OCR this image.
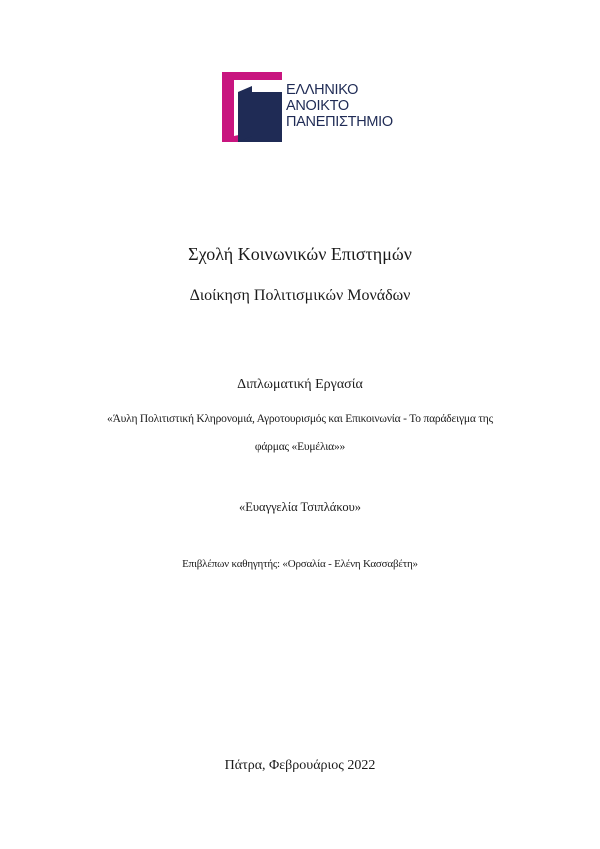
ΕΛΛΗΝΙΚΟ
ΑΝΟΙΚΤΟ
ΠΑΝΕΠΙΣΤΗΜΙΟ
Σχολή Κοινωνικών Επιστημών
Διοίκηση Πολιτισμικών Μονάδων
Διπλωματική Εργασία
«Άυλη Πολιτιστική Κληρονομιά, Αγροτουρισμός και Επικοινωνία - Το παράδειγμα της
φάρμας «Ευμέλια»»
«Ευαγγελία Τσιπλάκου»
Επιβλέπων καθηγητής: «Ορσαλία - Ελένη Κασσαβέτη»
Πάτρα, Φεβρουάριος 2022
